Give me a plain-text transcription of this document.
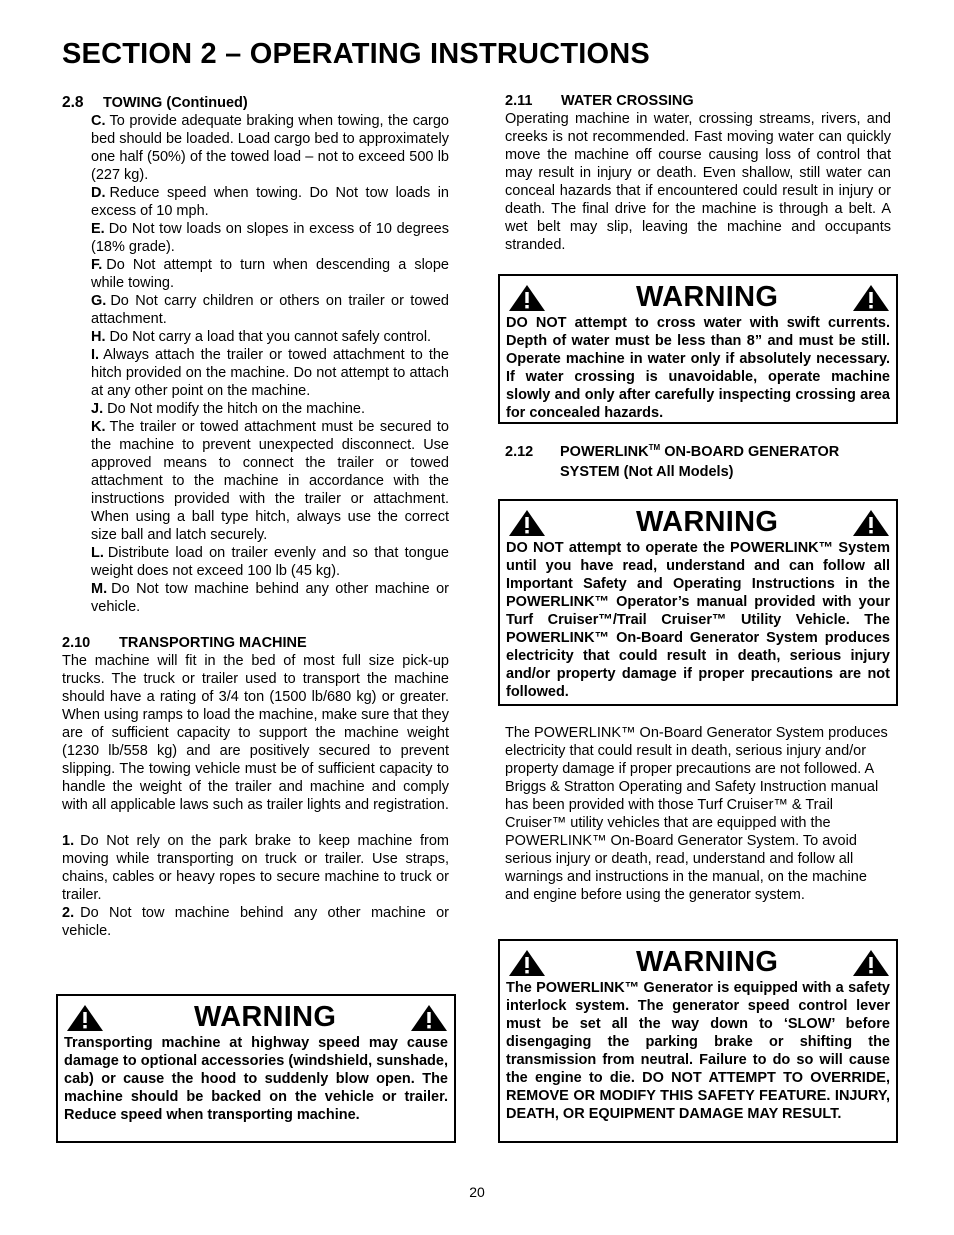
SECTION 2 – OPERATING INSTRUCTIONS

2.8 TOWING (Continued)

C. To provide adequate braking when towing, the cargo bed should be loaded. Load cargo bed to approximately one half (50%) of the towed load – not to exceed 500 lb (227 kg).

D. Reduce speed when towing. Do Not tow loads in excess of 10 mph.

E. Do Not tow loads on slopes in excess of 10 degrees (18% grade).

F. Do Not attempt to turn when descending a slope while towing.

G. Do Not carry children or others on trailer or towed attachment.

H. Do Not carry a load that you cannot safely control.

I. Always attach the trailer or towed attachment to the hitch provided on the machine. Do not attempt to attach at any other point on the machine.

J. Do Not modify the hitch on the machine.

K. The trailer or towed attachment must be secured to the machine to prevent unexpected disconnect. Use approved means to connect the trailer or towed attachment to the machine in accordance with the instructions provided with the trailer or attachment. When using a ball type hitch, always use the correct size ball and latch securely.

L. Distribute load on trailer evenly and so that tongue weight does not exceed 100 lb (45 kg).

M. Do Not tow machine behind any other machine or vehicle.

2.10 TRANSPORTING MACHINE

The machine will fit in the bed of most full size pick-up trucks. The truck or trailer used to transport the machine should have a rating of 3/4 ton (1500 lb/680 kg) or greater. When using ramps to load the machine, make sure that they are of sufficient capacity to support the machine weight (1230 lb/558 kg) and are positively secured to prevent slipping. The towing vehicle must be of sufficient capacity to handle the weight of the trailer and machine and comply with all applicable laws such as trailer lights and registration.

1. Do Not rely on the park brake to keep machine from moving while transporting on truck or trailer. Use straps, chains, cables or heavy ropes to secure machine to truck or trailer.

2. Do Not tow machine behind any other machine or vehicle.

WARNING

Transporting machine at highway speed may cause damage to optional accessories (windshield, sunshade, cab) or cause the hood to suddenly blow open. The machine should be backed on the vehicle or trailer. Reduce speed when transporting machine.

2.11 WATER CROSSING

Operating machine in water, crossing streams, rivers, and creeks is not recommended. Fast moving water can quickly move the machine off course causing loss of control that may result in injury or death. Even shallow, still water can conceal hazards that if encountered could result in injury or death. The final drive for the machine is through a belt. A wet belt may slip, leaving the machine and occupants stranded.

WARNING

DO NOT attempt to cross water with swift currents. Depth of water must be less than 8” and must be still. Operate machine in water only if absolutely necessary. If water crossing is unavoidable, operate machine slowly and only after carefully inspecting crossing area for concealed hazards.

2.12 POWERLINK™ ON-BOARD GENERATOR
SYSTEM (Not All Models)

WARNING

DO NOT attempt to operate the POWERLINK™ System until you have read, understand and can follow all Important Safety and Operating Instructions in the POWERLINK™ Operator’s manual provided with your Turf Cruiser™/Trail Cruiser™ Utility Vehicle. The POWERLINK™ On-Board Generator System produces electricity that could result in death, serious injury and/or property damage if proper precautions are not followed.

The POWERLINK™ On-Board Generator System produces electricity that could result in death, serious injury and/or property damage if proper precautions are not followed. A Briggs & Stratton Operating and Safety Instruction manual has been provided with those Turf Cruiser™ & Trail Cruiser™ utility vehicles that are equipped with the POWERLINK™ On-Board Generator System. To avoid serious injury or death, read, understand and follow all warnings and instructions in the manual, on the machine and engine before using the generator system.

WARNING

The POWERLINK™ Generator is equipped with a safety interlock system. The generator speed control lever must be set all the way down to ‘SLOW’ before disengaging the parking brake or shifting the transmission from neutral. Failure to do so will cause the engine to die. DO NOT ATTEMPT TO OVERRIDE, REMOVE OR MODIFY THIS SAFETY FEATURE. INJURY, DEATH, OR EQUIPMENT DAMAGE MAY RESULT.

20
